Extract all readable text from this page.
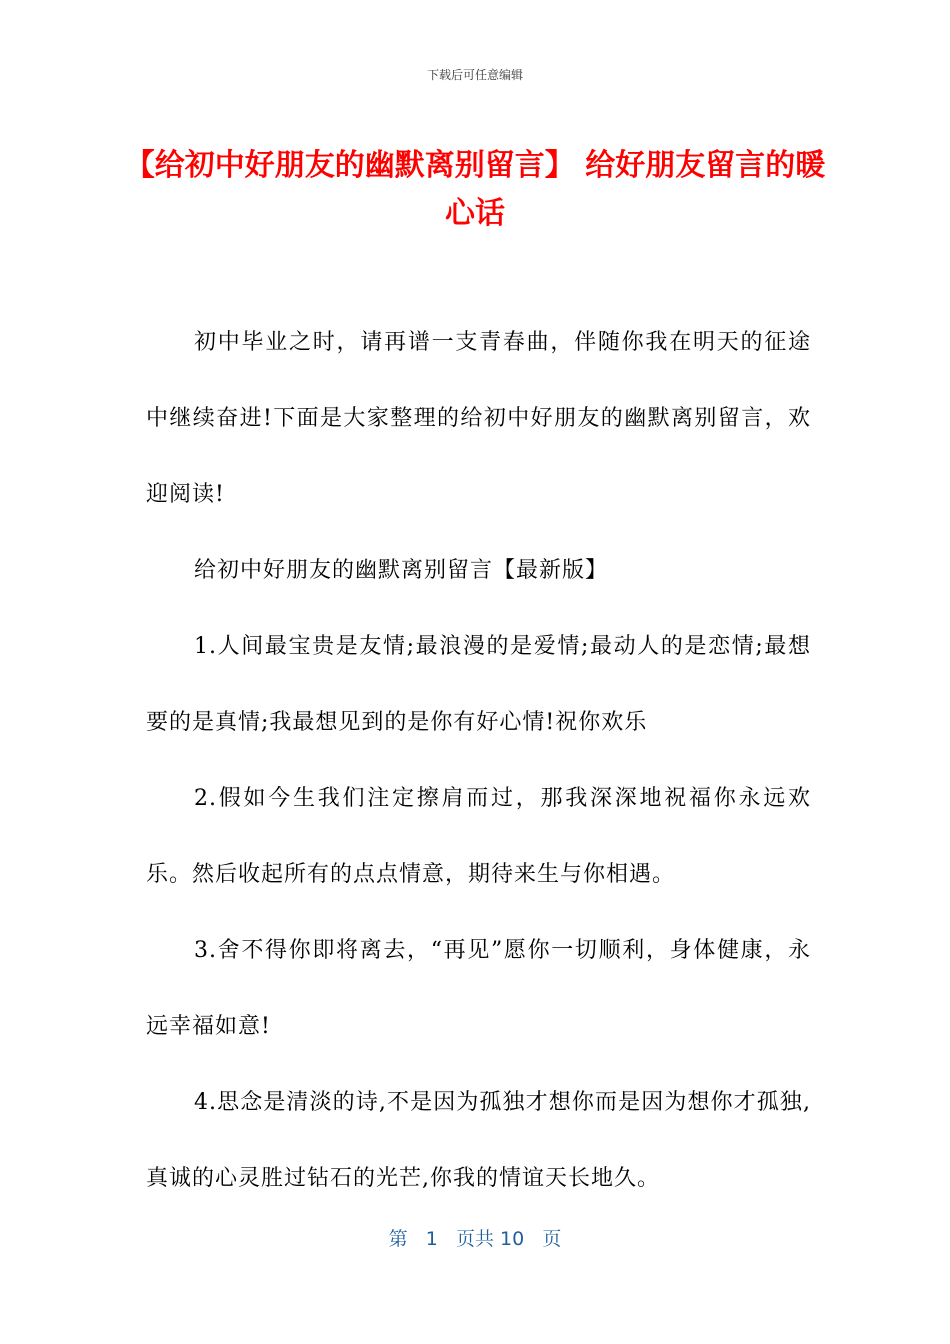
下载后可任意编辑
【给初中好朋友的幽默离别留言】 给好朋友留言的暖心话

初中毕业之时，请再谱一支青春曲，伴随你我在明天的征途中继续奋进!下面是大家整理的给初中好朋友的幽默离别留言，欢迎阅读!

给初中好朋友的幽默离别留言【最新版】

1.人间最宝贵是友情;最浪漫的是爱情;最动人的是恋情;最想要的是真情;我最想见到的是你有好心情!祝你欢乐

2.假如今生我们注定擦肩而过，那我深深地祝福你永远欢乐。然后收起所有的点点情意，期待来生与你相遇。

3.舍不得你即将离去，“再见”愿你一切顺利，身体健康，永远幸福如意!

4.思念是清淡的诗,不是因为孤独才想你而是因为想你才孤独,真诚的心灵胜过钻石的光芒,你我的情谊天长地久。

第 1 页共 10 页
